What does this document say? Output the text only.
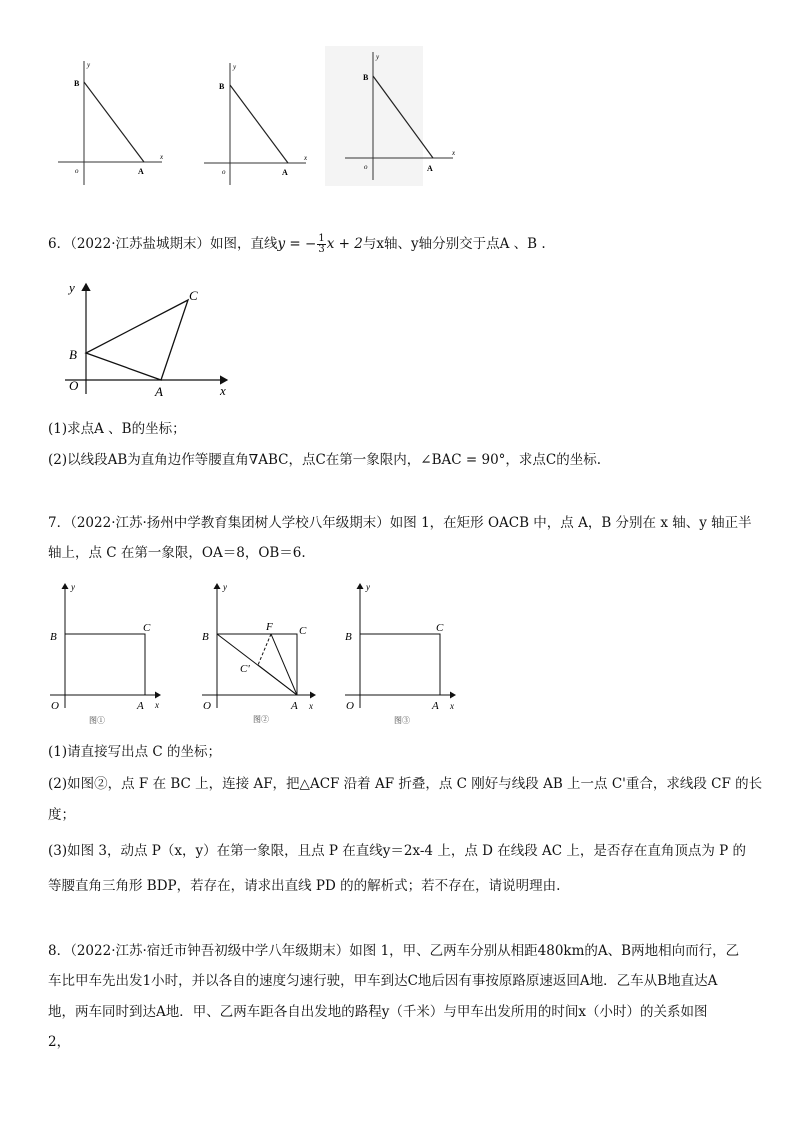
y
x
B
o	A
y
x
B
o	A
y
x
B
o	A
6．（2022·江苏盐城期末）如图，直线y = − $\frac{1}{3}$ x + 2与x轴、y轴分别交于点A 、B .
y
x
O	A
B
C
(1)求点A 、B的坐标；
(2)以线段AB为直角边作等腰直角∇ABC，点C在第一象限内，∠BAC = 90°，求点C的坐标.
7．（2022·江苏·扬州中学教育集团树人学校八年级期末）如图 1，在矩形 OACB 中，点 A，B 分别在 x 轴、y 轴正半
轴上，点 C 在第一象限，OA＝8，OB＝6.
y
x
B
C
O	A
图①
y
x
B
F C
C'
O	A
图②
y
x
B
C
O	A
图③
(1)请直接写出点 C 的坐标；
(2)如图②，点 F 在 BC 上，连接 AF，把△ACF 沿着 AF 折叠，点 C 刚好与线段 AB 上一点 C'重合，求线段 CF 的长
度；
(3)如图 3，动点 P（x，y）在第一象限，且点 P 在直线y＝2x-4 上，点 D 在线段 AC 上，是否存在直角顶点为 P 的
等腰直角三角形 BDP，若存在，请求出直线 PD 的的解析式；若不存在，请说明理由.
8．（2022·江苏·宿迁市钟吾初级中学八年级期末）如图 1，甲、乙两车分别从相距480km的A、B两地相向而行，乙
车比甲车先出发1小时，并以各自的速度匀速行驶，甲车到达C地后因有事按原路原速返回A地．乙车从B地直达A
地，两车同时到达A地．甲、乙两车距各自出发地的路程y（千米）与甲车出发所用的时间x（小时）的关系如图
2，
